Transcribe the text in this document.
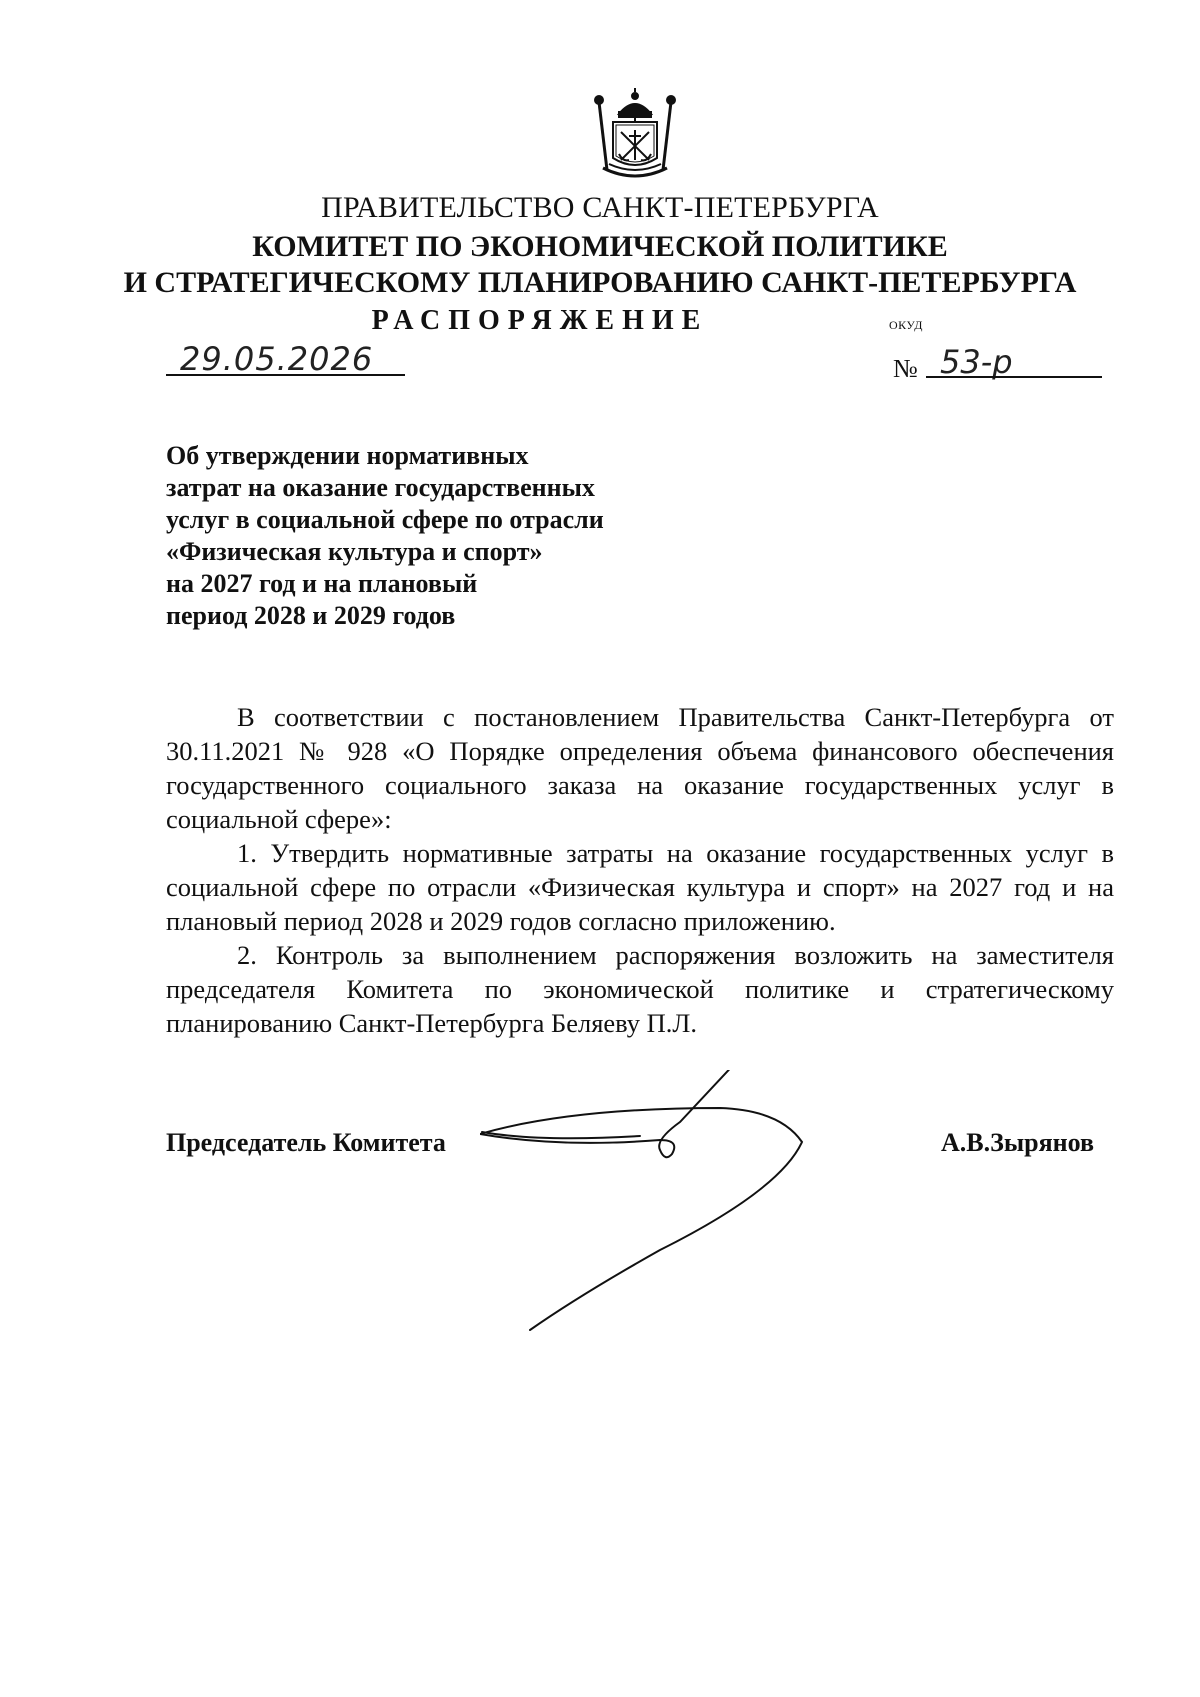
ПРАВИТЕЛЬСТВО САНКТ-ПЕТЕРБУРГА
КОМИТЕТ ПО ЭКОНОМИЧЕСКОЙ ПОЛИТИКЕ
И СТРАТЕГИЧЕСКОМУ ПЛАНИРОВАНИЮ САНКТ-ПЕТЕРБУРГА
РАСПОРЯЖЕНИЕ	ОКУД
29.05.2026	№ 53-р
Об утверждении нормативных
затрат на оказание государственных
услуг в социальной сфере по отрасли
«Физическая культура и спорт»
на 2027 год и на плановый
период 2028 и 2029 годов

В соответствии с постановлением Правительства Санкт-Петербурга от 30.11.2021 № 928 «О Порядке определения объема финансового обеспечения государственного социального заказа на оказание государственных услуг в социальной сфере»:

1. Утвердить нормативные затраты на оказание государственных услуг в социальной сфере по отрасли «Физическая культура и спорт» на 2027 год и на плановый период 2028 и 2029 годов согласно приложению.

2. Контроль за выполнением распоряжения возложить на заместителя председателя Комитета по экономической политике и стратегическому планированию Санкт-Петербурга Беляеву П.Л.

Председатель Комитета	А.В.Зырянов
